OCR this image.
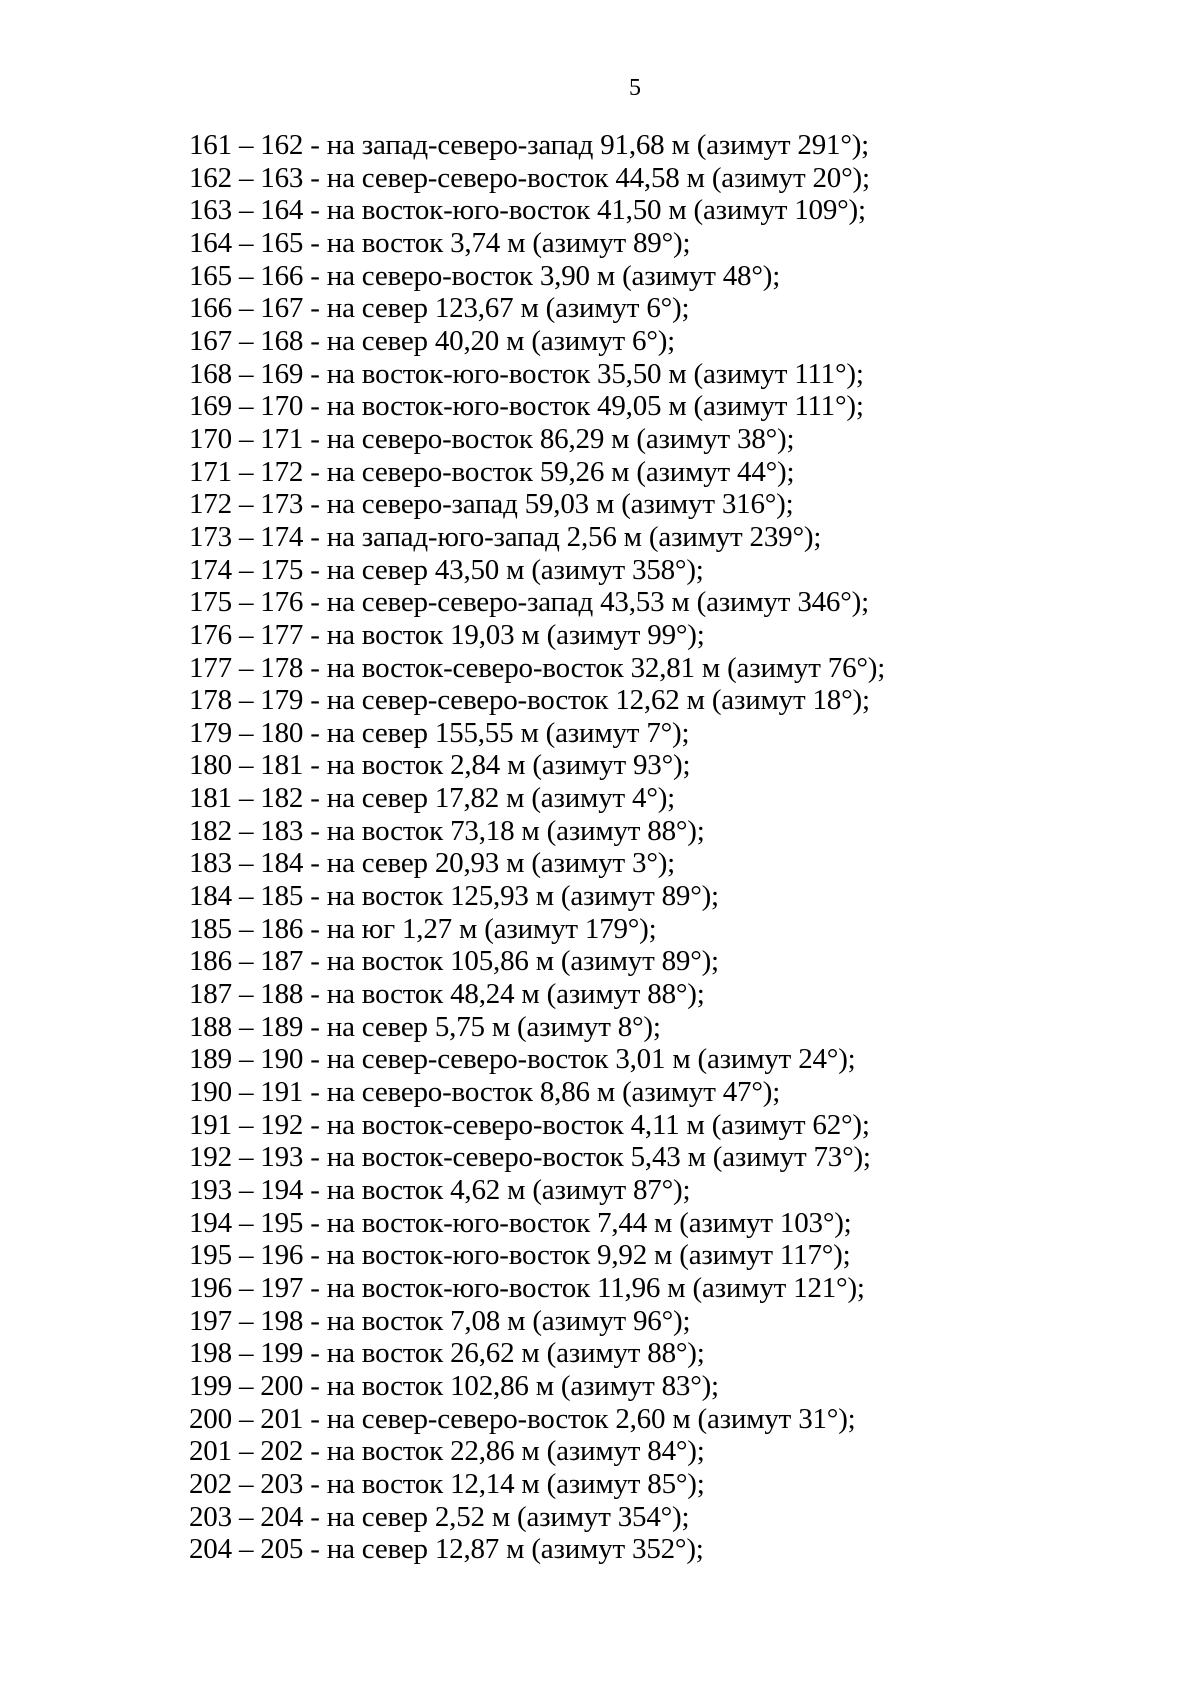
5
161 – 162 - на запад-северо-запад 91,68 м (азимут 291°);
162 – 163 - на север-северо-восток 44,58 м (азимут 20°);
163 – 164 - на восток-юго-восток 41,50 м (азимут 109°);
164 – 165 - на восток 3,74 м (азимут 89°);
165 – 166 - на северо-восток 3,90 м (азимут 48°);
166 – 167 - на север 123,67 м (азимут 6°);
167 – 168 - на север 40,20 м (азимут 6°);
168 – 169 - на восток-юго-восток 35,50 м (азимут 111°);
169 – 170 - на восток-юго-восток 49,05 м (азимут 111°);
170 – 171 - на северо-восток 86,29 м (азимут 38°);
171 – 172 - на северо-восток 59,26 м (азимут 44°);
172 – 173 - на северо-запад 59,03 м (азимут 316°);
173 – 174 - на запад-юго-запад 2,56 м (азимут 239°);
174 – 175 - на север 43,50 м (азимут 358°);
175 – 176 - на север-северо-запад 43,53 м (азимут 346°);
176 – 177 - на восток 19,03 м (азимут 99°);
177 – 178 - на восток-северо-восток 32,81 м (азимут 76°);
178 – 179 - на север-северо-восток 12,62 м (азимут 18°);
179 – 180 - на север 155,55 м (азимут 7°);
180 – 181 - на восток 2,84 м (азимут 93°);
181 – 182 - на север 17,82 м (азимут 4°);
182 – 183 - на восток 73,18 м (азимут 88°);
183 – 184 - на север 20,93 м (азимут 3°);
184 – 185 - на восток 125,93 м (азимут 89°);
185 – 186 - на юг 1,27 м (азимут 179°);
186 – 187 - на восток 105,86 м (азимут 89°);
187 – 188 - на восток 48,24 м (азимут 88°);
188 – 189 - на север 5,75 м (азимут 8°);
189 – 190 - на север-северо-восток 3,01 м (азимут 24°);
190 – 191 - на северо-восток 8,86 м (азимут 47°);
191 – 192 - на восток-северо-восток 4,11 м (азимут 62°);
192 – 193 - на восток-северо-восток 5,43 м (азимут 73°);
193 – 194 - на восток 4,62 м (азимут 87°);
194 – 195 - на восток-юго-восток 7,44 м (азимут 103°);
195 – 196 - на восток-юго-восток 9,92 м (азимут 117°);
196 – 197 - на восток-юго-восток 11,96 м (азимут 121°);
197 – 198 - на восток 7,08 м (азимут 96°);
198 – 199 - на восток 26,62 м (азимут 88°);
199 – 200 - на восток 102,86 м (азимут 83°);
200 – 201 - на север-северо-восток 2,60 м (азимут 31°);
201 – 202 - на восток 22,86 м (азимут 84°);
202 – 203 - на восток 12,14 м (азимут 85°);
203 – 204 - на север 2,52 м (азимут 354°);
204 – 205 - на север 12,87 м (азимут 352°);
